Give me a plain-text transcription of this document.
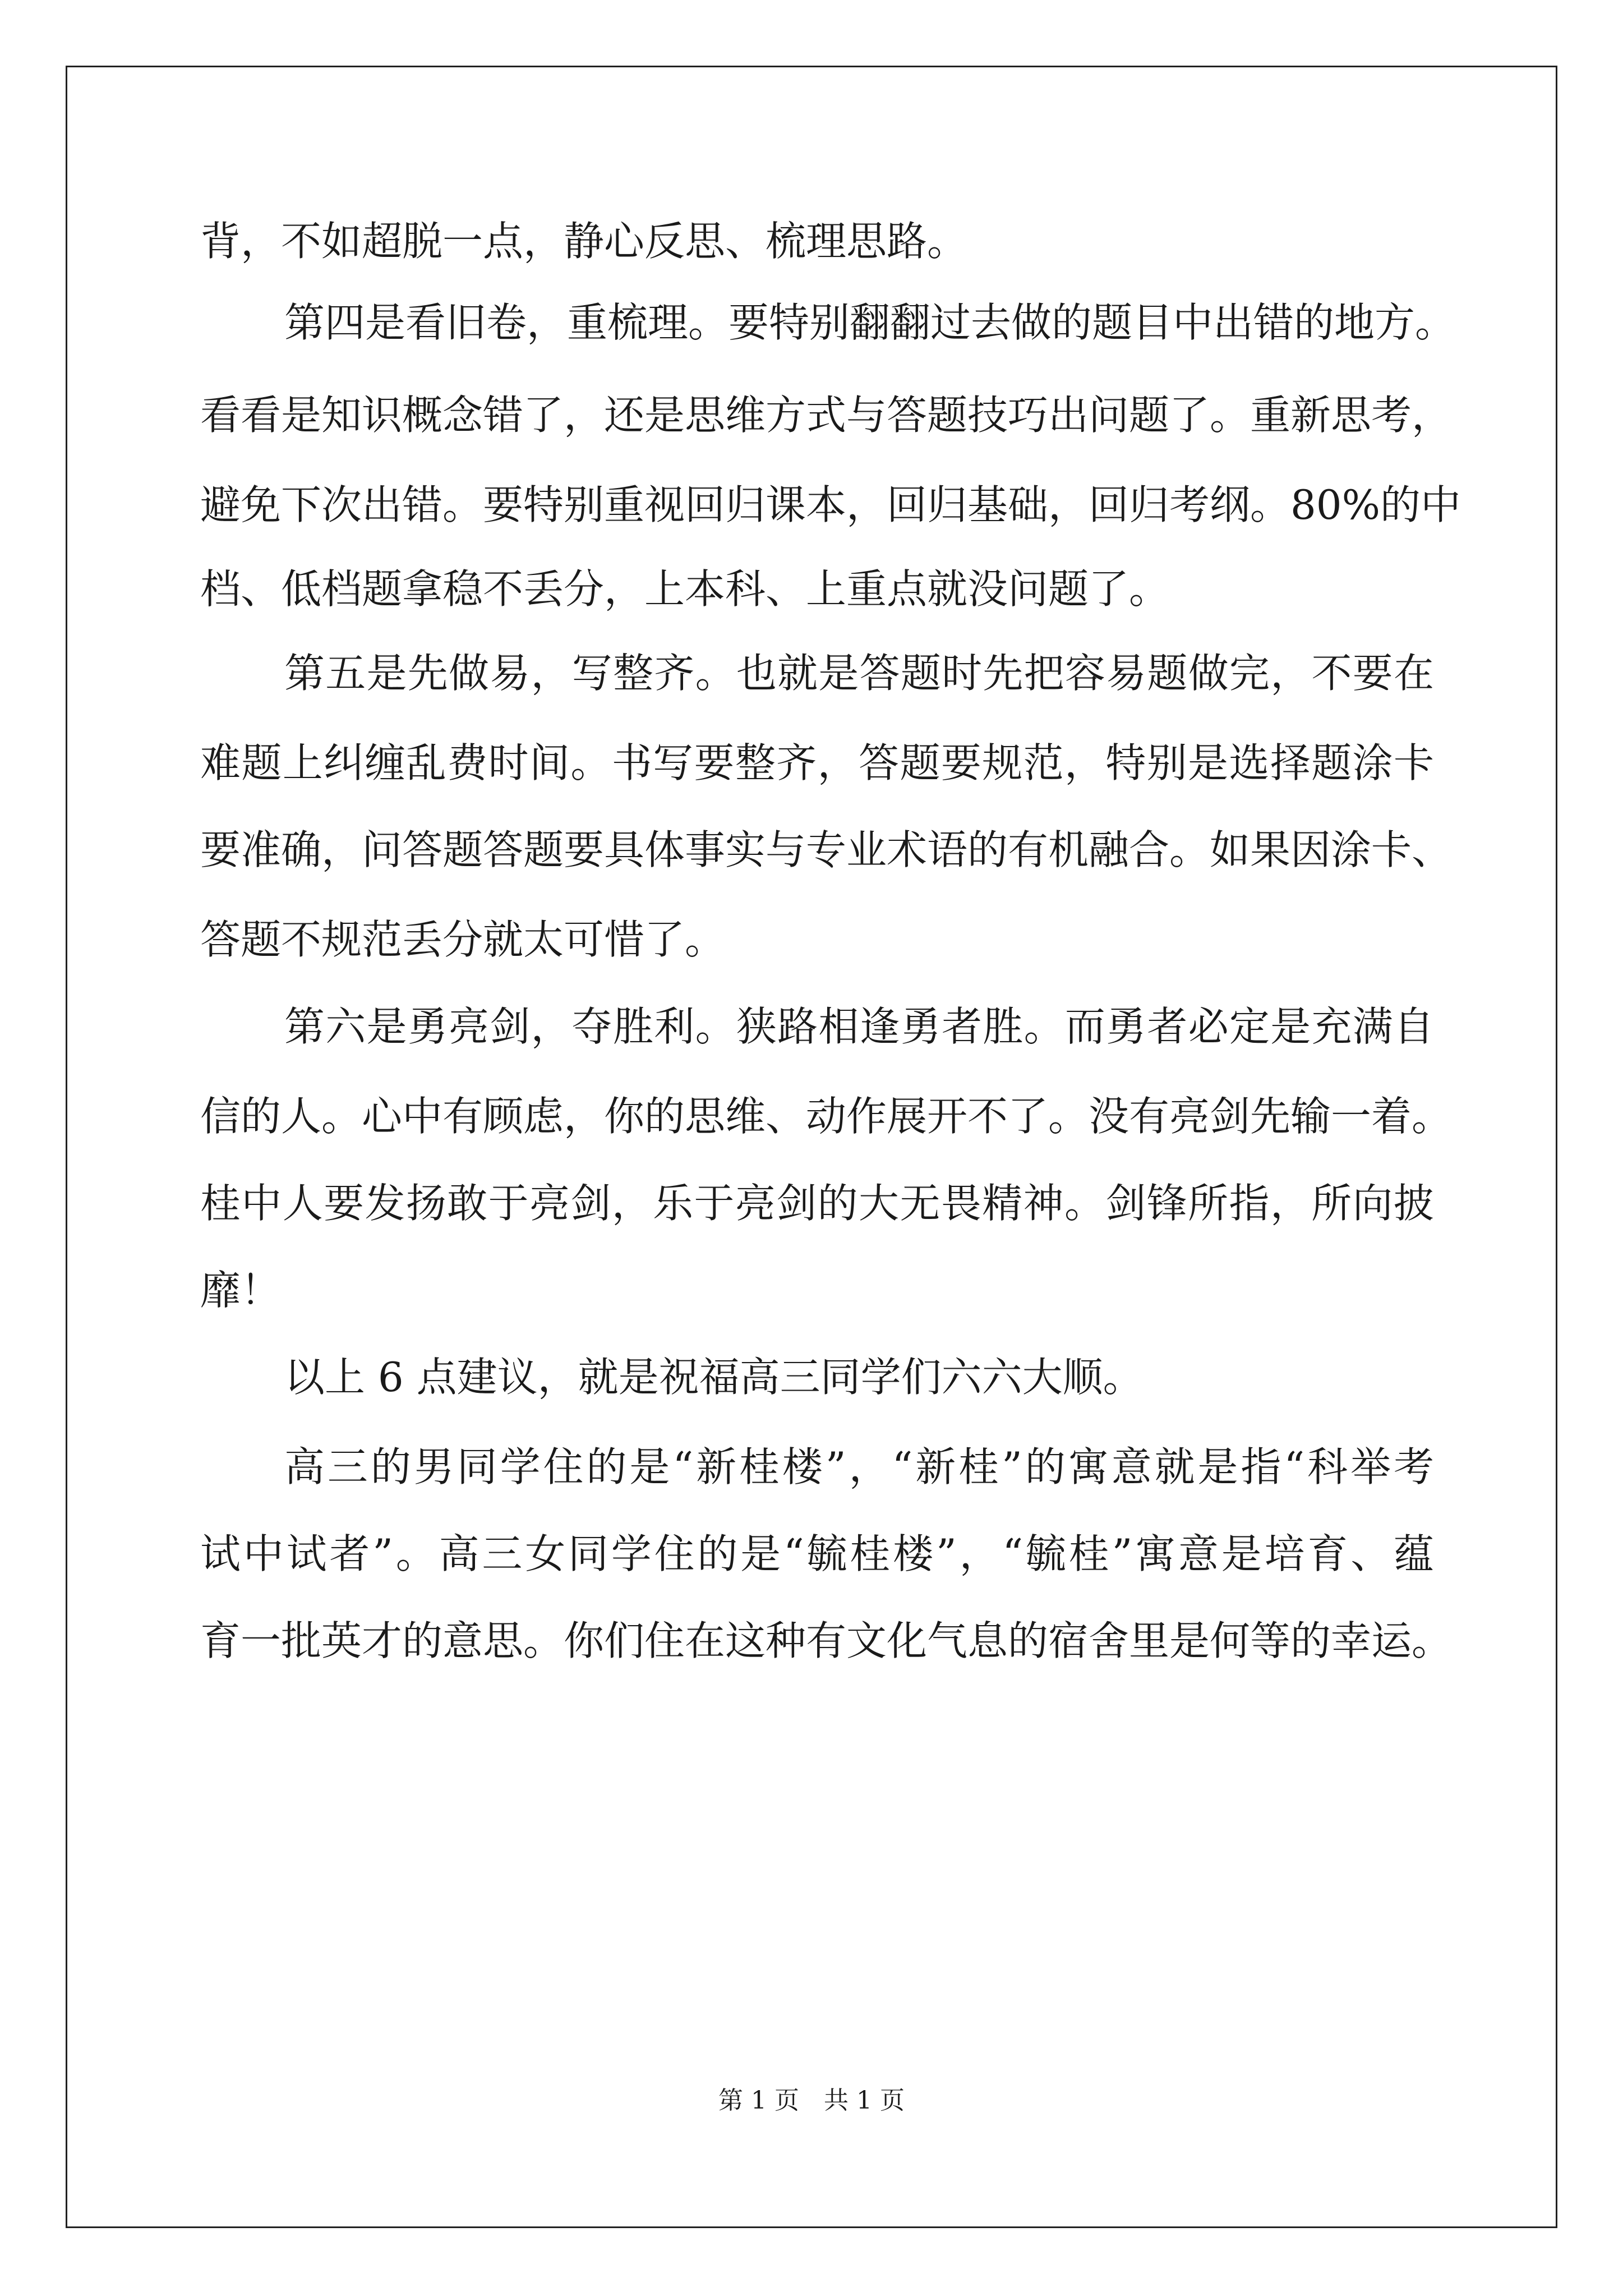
背，不如超脱一点，静心反思、梳理思路。

第四是看旧卷，重梳理。要特别翻翻过去做的题目中出错的地方。

看看是知识概念错了，还是思维方式与答题技巧出问题了。重新思考，

避免下次出错。要特别重视回归课本，回归基础，回归考纲。80%的中

档、低档题拿稳不丢分，上本科、上重点就没问题了。

第五是先做易，写整齐。也就是答题时先把容易题做完，不要在

难题上纠缠乱费时间。书写要整齐，答题要规范，特别是选择题涂卡

要准确，问答题答题要具体事实与专业术语的有机融合。如果因涂卡、

答题不规范丢分就太可惜了。

第六是勇亮剑，夺胜利。狭路相逢勇者胜。而勇者必定是充满自

信的人。心中有顾虑，你的思维、动作展开不了。没有亮剑先输一着。

桂中人要发扬敢于亮剑，乐于亮剑的大无畏精神。剑锋所指，所向披

靡！

以上 6 点建议，就是祝福高三同学们六六大顺。

高三的男同学住的是“新桂楼”，“新桂”的寓意就是指“科举考

试中试者”。高三女同学住的是“毓桂楼”，“毓桂”寓意是培育、蕴

育一批英才的意思。你们住在这种有文化气息的宿舍里是何等的幸运。

第 1 页 共 1 页
